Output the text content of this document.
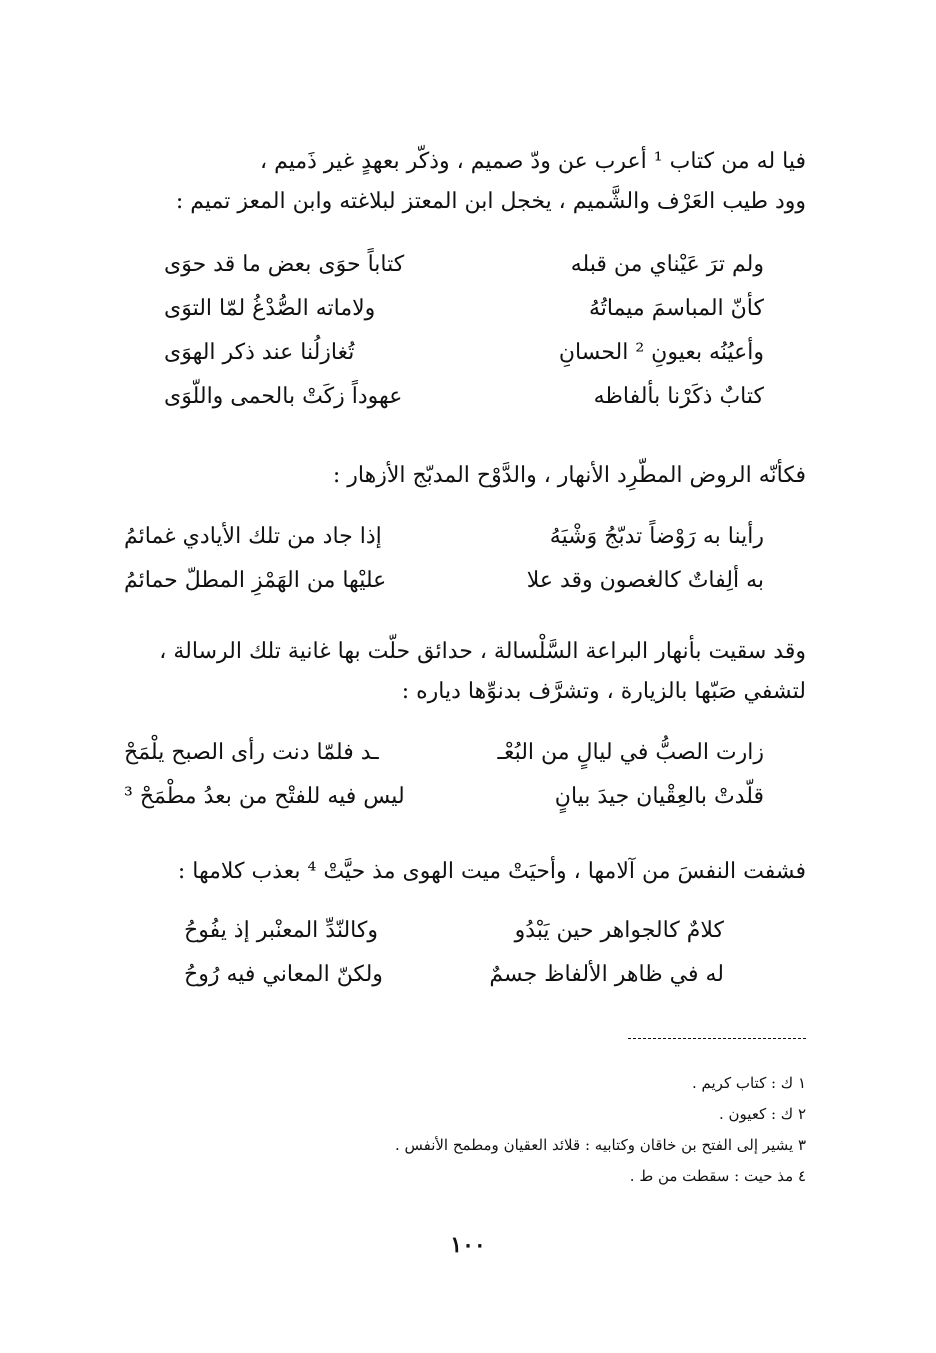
فيا له من كتاب ¹ أعرب عن ودّ صميم ، وذكّر بعهدٍ غير ذَميم ،
وود طيب العَرْف والشَّميم ، يخجل ابن المعتز لبلاغته وابن المعز تميم :
ولم ترَ عَيْناي من قبله
كتاباً حوَى بعض ما قد حوَى
كأنّ المباسمَ ميماتُهُ
ولاماته الصُّدْغُ لمّا التوَى
وأعيُنُه بعيونِ ² الحسانِ
تُغازلُنا عند ذكر الهوَى
كتابٌ ذكَرْنا بألفاظه
عهوداً زكَتْ بالحمى واللّوَى
فكأنّه الروض المطّرِد الأنهار ، والدَّوْح المدبّج الأزهار :
رأينا به رَوْضاً تدبّجُ وَشْيَهُ
إذا جاد من تلك الأيادي غمائمُ
به ألِفاتٌ كالغصون وقد علا
عليْها من الهَمْزِ المطلّ حمائمُ
وقد سقيت بأنهار البراعة السَّلْسالة ، حدائق حلّت بها غانية تلك الرسالة ،
لتشفي صَبّها بالزيارة ، وتشرَّف بدنوِّها دياره :
زارت الصبُّ في ليالٍ من البُعْـ
ـد فلمّا دنت رأى الصبح يلْمَحْ
قلّدتْ بالعِقْيان جيدَ بيانٍ
ليس فيه للفتْح من بعدُ مطْمَحْ ³
فشفت النفسَ من آلامها ، وأحيَتْ ميت الهوى مذ حيَّتْ ⁴ بعذب كلامها :
كلامٌ كالجواهر حين يَبْدُو
وكالنّدِّ المعنْبر إذ يفُوحُ
له في ظاهر الألفاظ جسمٌ
ولكنّ المعاني فيه رُوحُ
١ ك : كتاب كريم .
٢ ك : كعيون .
٣ يشير إلى الفتح بن خاقان وكتابيه : قلائد العقيان ومطمح الأنفس .
٤ مذ حيت : سقطت من ط .
١٠٠
